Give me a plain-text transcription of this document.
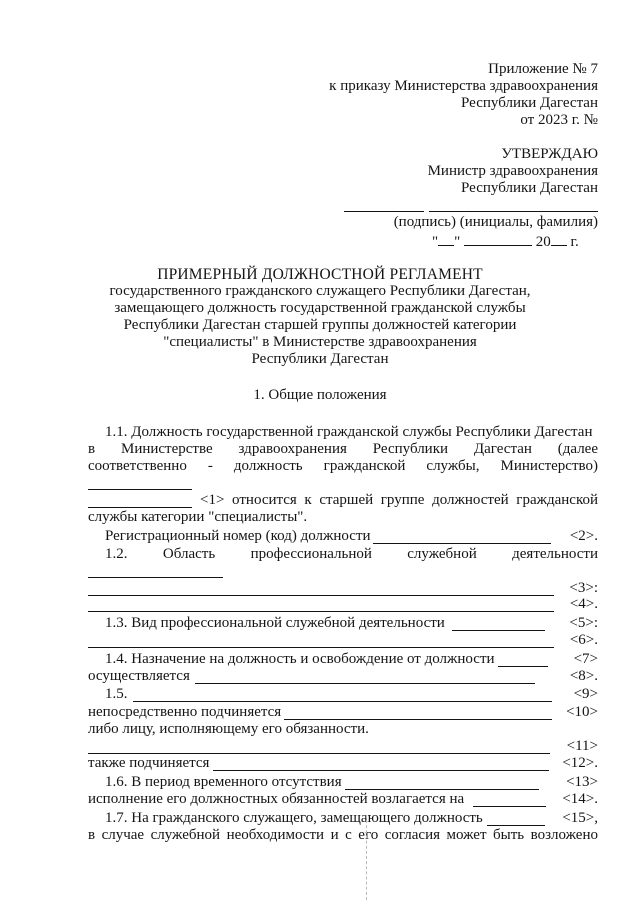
Приложение № 7
к приказу Министерства здравоохранения
Республики Дагестан
от 2023 г. №
УТВЕРЖДАЮ
Министр здравоохранения
Республики Дагестан
(подпись) (инициалы, фамилия)
" "	20 г.
ПРИМЕРНЫЙ ДОЛЖНОСТНОЙ РЕГЛАМЕНТ
государственного гражданского служащего Республики Дагестан,
замещающего должность государственной гражданской службы
Республики Дагестан старшей группы должностей категории
"специалисты" в Министерстве здравоохранения
Республики Дагестан
1. Общие положения
1.1. Должность государственной гражданской службы Республики Дагестан
в Министерстве здравоохранения Республики Дагестан (далее
соответственно - должность гражданской службы, Министерство)
<1> относится к старшей группе должностей гражданской
службы категории "специалисты".
Регистрационный номер (код) должности	<2>.
1.2. Область профессиональной служебной деятельности
<3>:
<4>.
1.3. Вид профессиональной служебной деятельности	<5>:
<6>.
1.4. Назначение на должность и освобождение от должности	<7>
осуществляется	<8>.
1.5.	<9>
непосредственно подчиняется	<10>
либо лицу, исполняющему его обязанности.
<11>
также подчиняется	<12>.
1.6. В период временного отсутствия	<13>
исполнение его должностных обязанностей возлагается на	<14>.
1.7. На гражданского служащего, замещающего должность	<15>,
в случае служебной необходимости и с его согласия может быть возложено
